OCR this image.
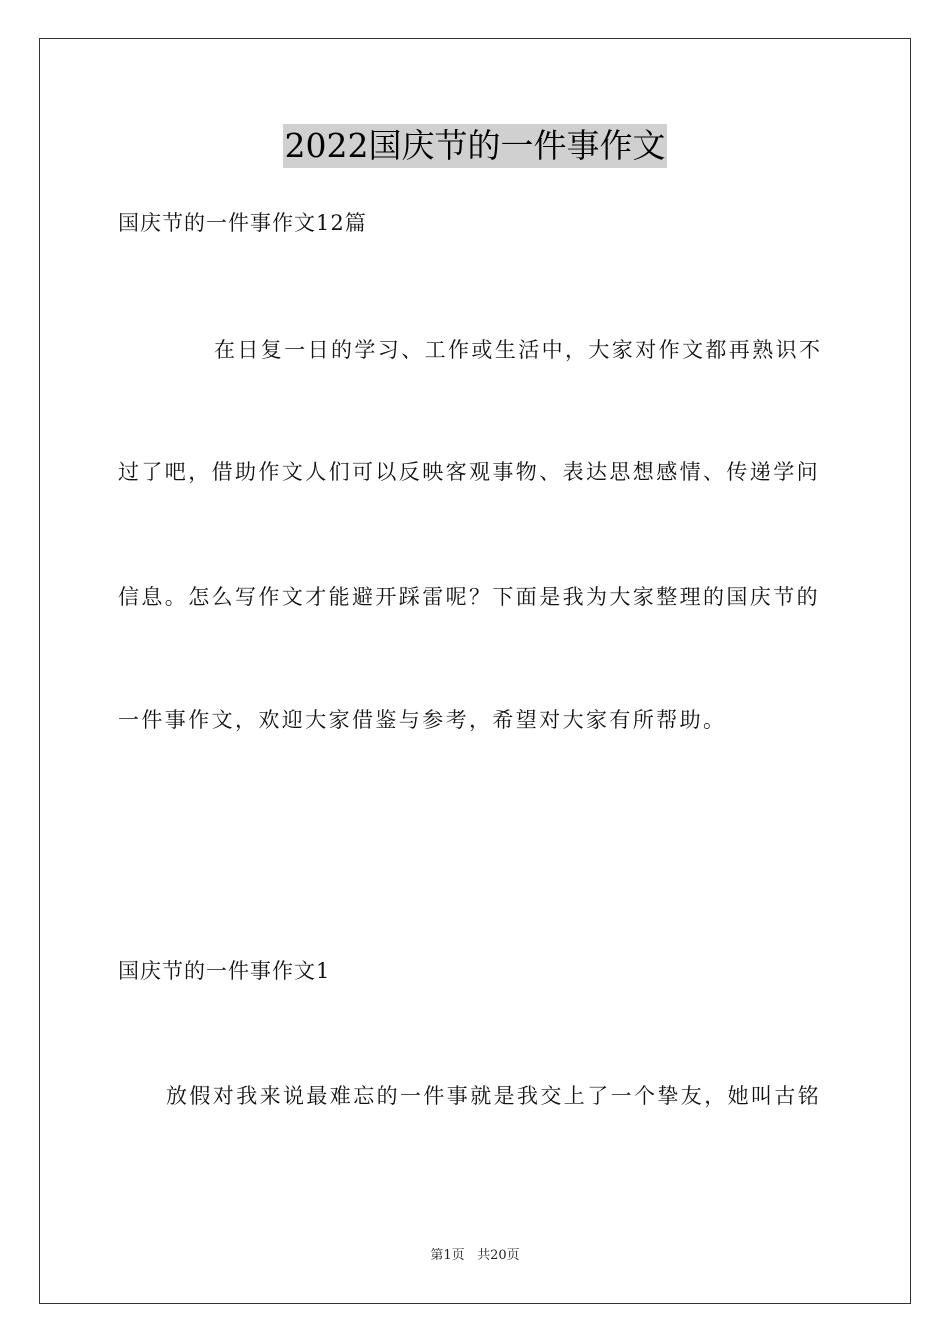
2022国庆节的一件事作文
国庆节的一件事作文12篇
在日复一日的学习、工作或生活中，大家对作文都再熟识不
过了吧，借助作文人们可以反映客观事物、表达思想感情、传递学问
信息。怎么写作文才能避开踩雷呢？下面是我为大家整理的国庆节的
一件事作文，欢迎大家借鉴与参考，希望对大家有所帮助。
国庆节的一件事作文1
放假对我来说最难忘的一件事就是我交上了一个挚友，她叫古铭
第1页 共20页
